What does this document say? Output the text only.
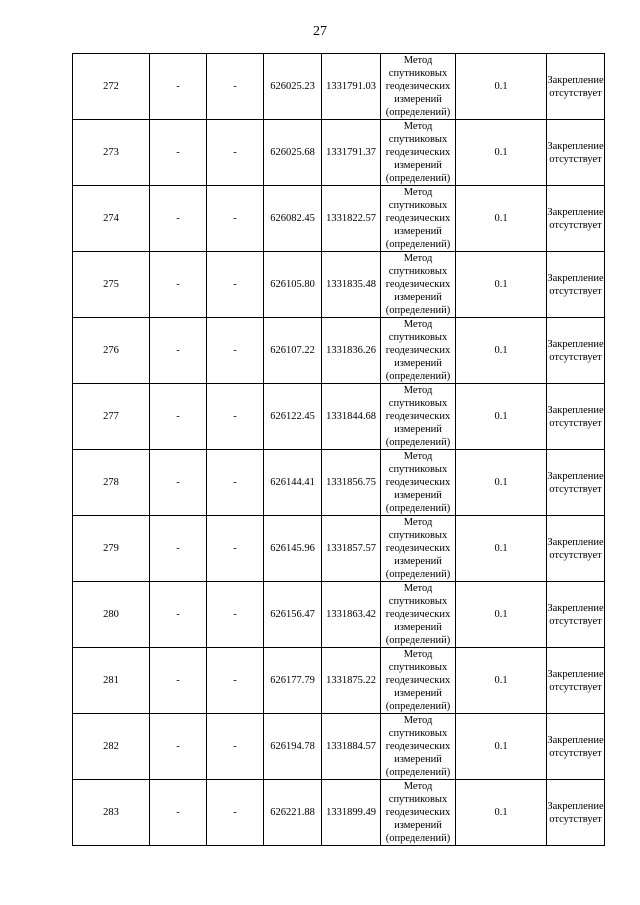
27
272	-	-	626025.23	1331791.03	Метод спутниковых геодезических измерений (определений)	0.1	Закрепление отсутствует
273	-	-	626025.68	1331791.37	Метод спутниковых геодезических измерений (определений)	0.1	Закрепление отсутствует
274	-	-	626082.45	1331822.57	Метод спутниковых геодезических измерений (определений)	0.1	Закрепление отсутствует
275	-	-	626105.80	1331835.48	Метод спутниковых геодезических измерений (определений)	0.1	Закрепление отсутствует
276	-	-	626107.22	1331836.26	Метод спутниковых геодезических измерений (определений)	0.1	Закрепление отсутствует
277	-	-	626122.45	1331844.68	Метод спутниковых геодезических измерений (определений)	0.1	Закрепление отсутствует
278	-	-	626144.41	1331856.75	Метод спутниковых геодезических измерений (определений)	0.1	Закрепление отсутствует
279	-	-	626145.96	1331857.57	Метод спутниковых геодезических измерений (определений)	0.1	Закрепление отсутствует
280	-	-	626156.47	1331863.42	Метод спутниковых геодезических измерений (определений)	0.1	Закрепление отсутствует
281	-	-	626177.79	1331875.22	Метод спутниковых геодезических измерений (определений)	0.1	Закрепление отсутствует
282	-	-	626194.78	1331884.57	Метод спутниковых геодезических измерений (определений)	0.1	Закрепление отсутствует
283	-	-	626221.88	1331899.49	Метод спутниковых геодезических измерений (определений)	0.1	Закрепление отсутствует
